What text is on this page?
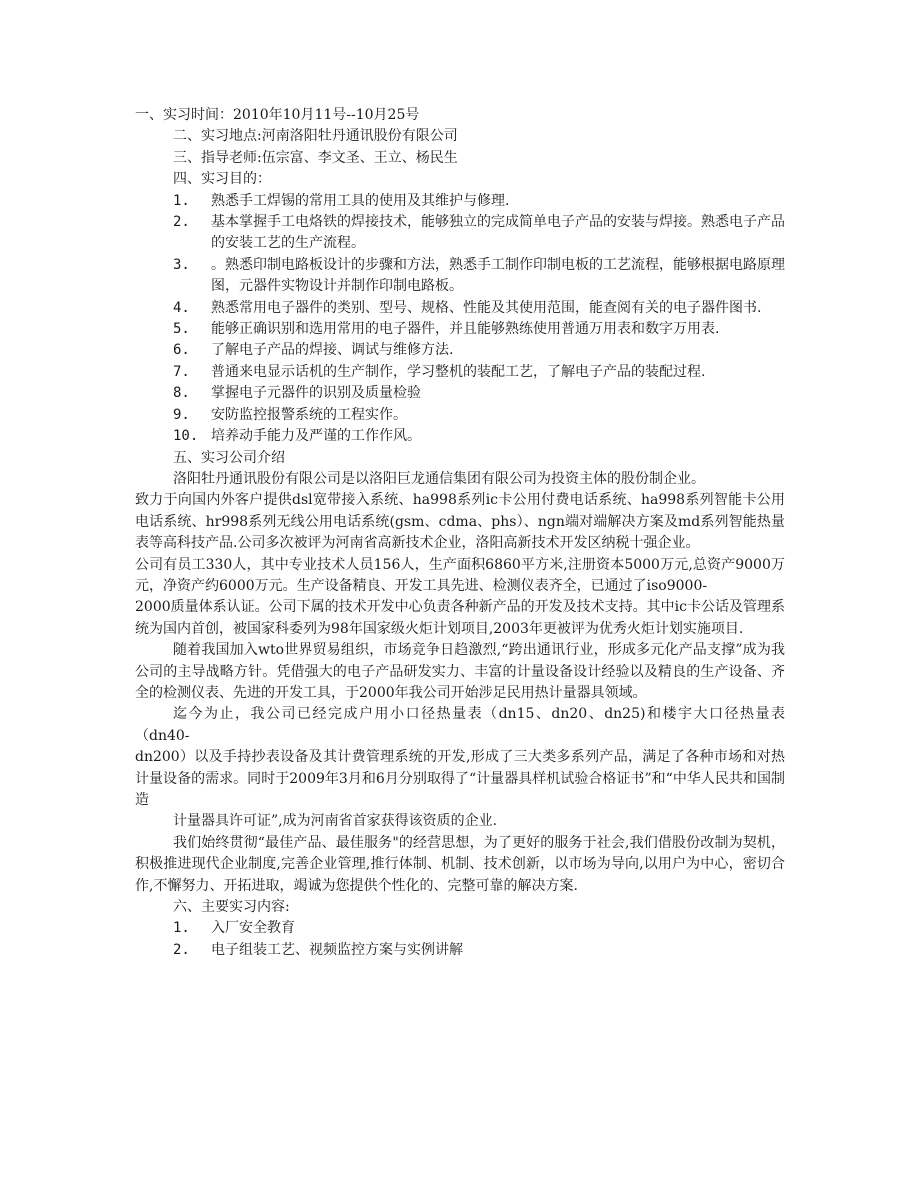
一、实习时间：2010年10月11号--10月25号
二、实习地点:河南洛阳牡丹通讯股份有限公司
三、指导老师:伍宗富、李文圣、王立、杨民生
四、实习目的：
1. 熟悉手工焊锡的常用工具的使用及其维护与修理.
2. 基本掌握手工电烙铁的焊接技术，能够独立的完成简单电子产品的安装与焊接。熟悉电子产品的安装工艺的生产流程。
3. 。熟悉印制电路板设计的步骤和方法，熟悉手工制作印制电板的工艺流程，能够根据电路原理图，元器件实物设计并制作印制电路板。
4. 熟悉常用电子器件的类别、型号、规格、性能及其使用范围，能查阅有关的电子器件图书.
5. 能够正确识别和选用常用的电子器件，并且能够熟练使用普通万用表和数字万用表.
6. 了解电子产品的焊接、调试与维修方法.
7. 普通来电显示话机的生产制作，学习整机的装配工艺，了解电子产品的装配过程.
8. 掌握电子元器件的识别及质量检验
9. 安防监控报警系统的工程实作。
10. 培养动手能力及严谨的工作作风。
五、实习公司介绍
洛阳牡丹通讯股份有限公司是以洛阳巨龙通信集团有限公司为投资主体的股份制企业。
致力于向国内外客户提供dsl宽带接入系统、ha998系列ic卡公用付费电话系统、ha998系列智能卡公用电话系统、hr998系列无线公用电话系统(gsm、cdma、phs）、ngn端对端解决方案及md系列智能热量表等高科技产品.公司多次被评为河南省高新技术企业，洛阳高新技术开发区纳税十强企业。
公司有员工330人，其中专业技术人员156人，生产面积6860平方米,注册资本5000万元,总资产9000万元，净资产约6000万元。生产设备精良、开发工具先进、检测仪表齐全，已通过了iso9000-
2000质量体系认证。公司下属的技术开发中心负责各种新产品的开发及技术支持。其中ic卡公话及管理系统为国内首创，被国家科委列为98年国家级火炬计划项目,2003年更被评为优秀火炬计划实施项目.
随着我国加入wto世界贸易组织，市场竞争日趋激烈,“跨出通讯行业，形成多元化产品支撑”成为我公司的主导战略方针。凭借强大的电子产品研发实力、丰富的计量设备设计经验以及精良的生产设备、齐全的检测仪表、先进的开发工具，于2000年我公司开始涉足民用热计量器具领域。
迄今为止，我公司已经完成户用小口径热量表（dn15、dn20、dn25)和楼宇大口径热量表（dn40-
dn200）以及手持抄表设备及其计费管理系统的开发,形成了三大类多系列产品，满足了各种市场和对热计量设备的需求。同时于2009年3月和6月分别取得了“计量器具样机试验合格证书”和“中华人民共和国制造
计量器具许可证”,成为河南省首家获得该资质的企业.
我们始终贯彻“最佳产品、最佳服务"的经营思想，为了更好的服务于社会,我们借股份改制为契机，积极推进现代企业制度,完善企业管理,推行体制、机制、技术创新，以市场为导向,以用户为中心，密切合作,不懈努力、开拓进取，竭诚为您提供个性化的、完整可靠的解决方案.
六、主要实习内容:
1. 入厂安全教育
2. 电子组装工艺、视频监控方案与实例讲解
